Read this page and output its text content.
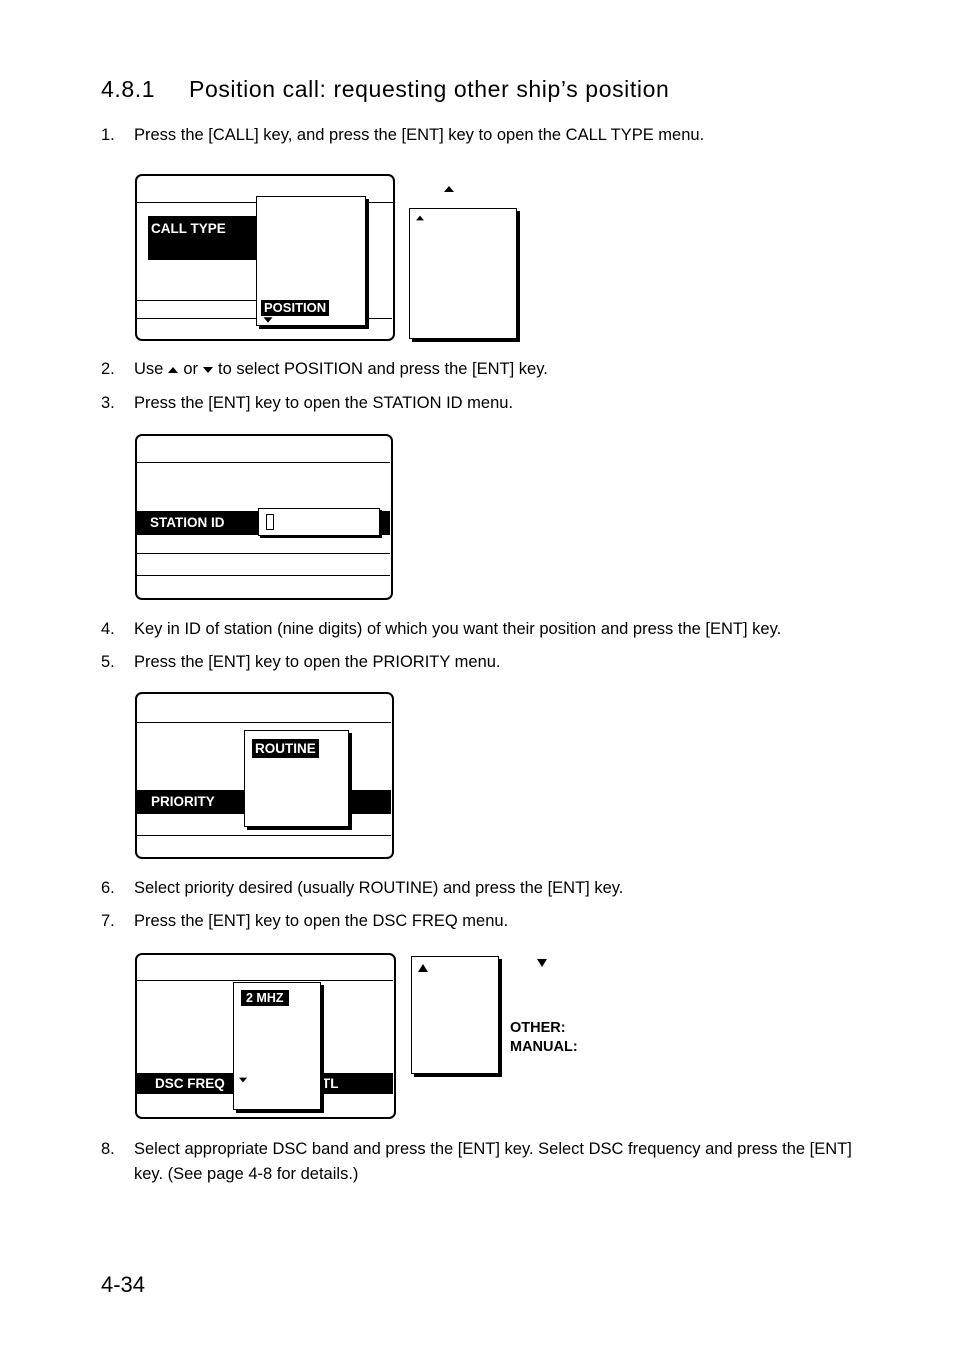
4.8.1 Position call: requesting other ship’s position
1. Press the [CALL] key, and press the [ENT] key to open the CALL TYPE menu.
CALL TYPE
POSITION
2. Use or to select POSITION and press the [ENT] key.
3. Press the [ENT] key to open the STATION ID menu.
STATION ID
4. Key in ID of station (nine digits) of which you want their position and press the [ENT] key.
5. Press the [ENT] key to open the PRIORITY menu.
PRIORITY
ROUTINE
6. Select priority desired (usually ROUTINE) and press the [ENT] key.
7. Press the [ENT] key to open the DSC FREQ menu.
DSC FREQ	TL
2 MHZ
OTHER:
MANUAL:
8. Select appropriate DSC band and press the [ENT] key. Select DSC frequency and press the [ENT] key. (See page 4-8 for details.)
4-34
